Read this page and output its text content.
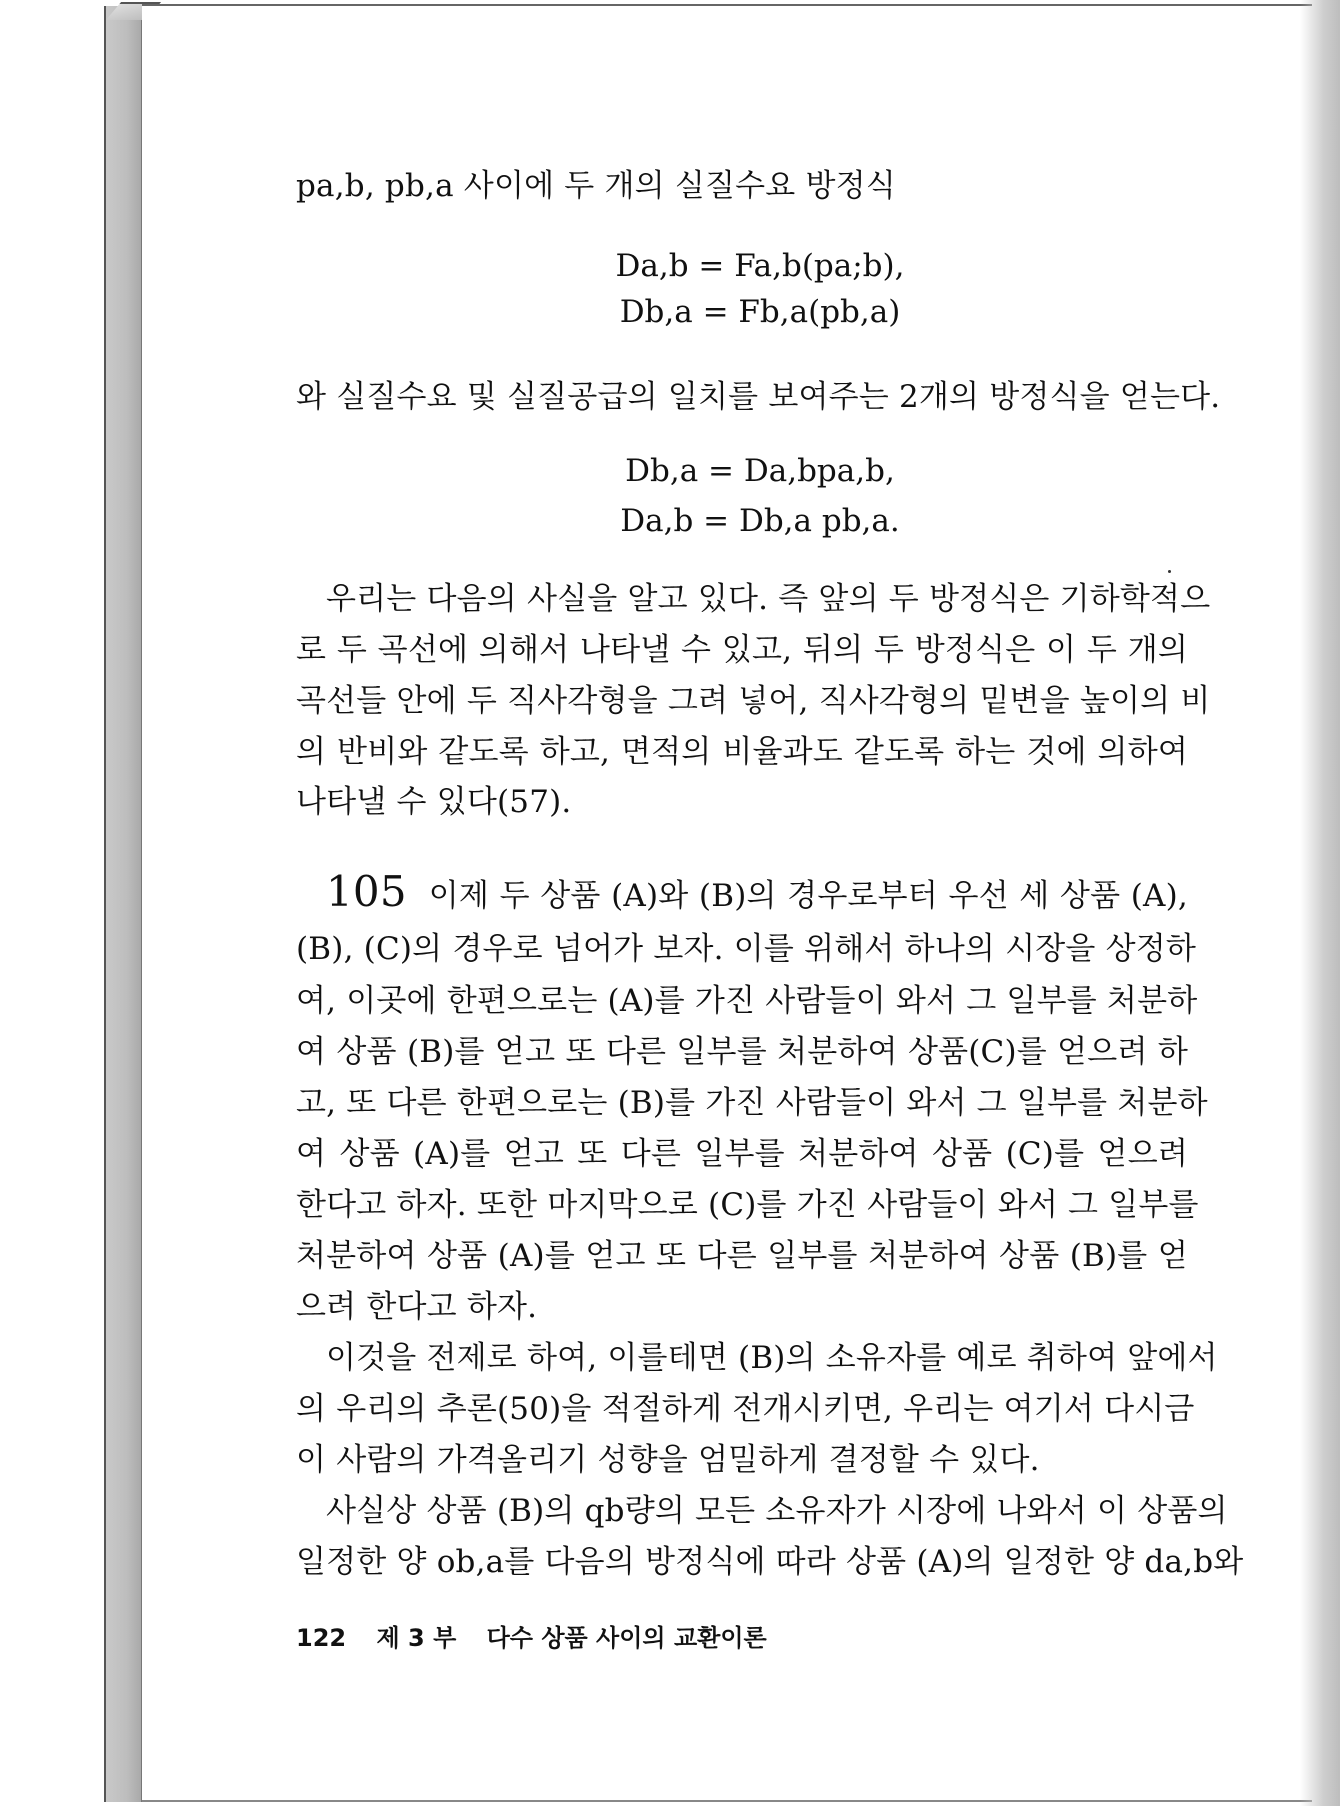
pa,b, pb,a 사이에 두 개의 실질수요 방정식
Da,b = Fa,b(pa;b),
Db,a = Fb,a(pb,a)
와 실질수요 및 실질공급의 일치를 보여주는 2개의 방정식을 얻는다.
Db,a = Da,bpa,b,
Da,b = Db,a pb,a.
우리는 다음의 사실을 알고 있다. 즉 앞의 두 방정식은 기하학적으
로 두 곡선에 의해서 나타낼 수 있고, 뒤의 두 방정식은 이 두 개의
곡선들 안에 두 직사각형을 그려 넣어, 직사각형의 밑변을 높이의 비
의 반비와 같도록 하고, 면적의 비율과도 같도록 하는 것에 의하여
나타낼 수 있다(57).
105 이제 두 상품 (A)와 (B)의 경우로부터 우선 세 상품 (A),
(B), (C)의 경우로 넘어가 보자. 이를 위해서 하나의 시장을 상정하
여, 이곳에 한편으로는 (A)를 가진 사람들이 와서 그 일부를 처분하
여 상품 (B)를 얻고 또 다른 일부를 처분하여 상품(C)를 얻으려 하
고, 또 다른 한편으로는 (B)를 가진 사람들이 와서 그 일부를 처분하
여 상품 (A)를 얻고 또 다른 일부를 처분하여 상품 (C)를 얻으려
한다고 하자. 또한 마지막으로 (C)를 가진 사람들이 와서 그 일부를
처분하여 상품 (A)를 얻고 또 다른 일부를 처분하여 상품 (B)를 얻
으려 한다고 하자.
이것을 전제로 하여, 이를테면 (B)의 소유자를 예로 취하여 앞에서
의 우리의 추론(50)을 적절하게 전개시키면, 우리는 여기서 다시금
이 사람의 가격올리기 성향을 엄밀하게 결정할 수 있다.
사실상 상품 (B)의 qb량의 모든 소유자가 시장에 나와서 이 상품의
일정한 양 ob,a를 다음의 방정식에 따라 상품 (A)의 일정한 양 da,b와
122 제 3 부 다수 상품 사이의 교환이론
